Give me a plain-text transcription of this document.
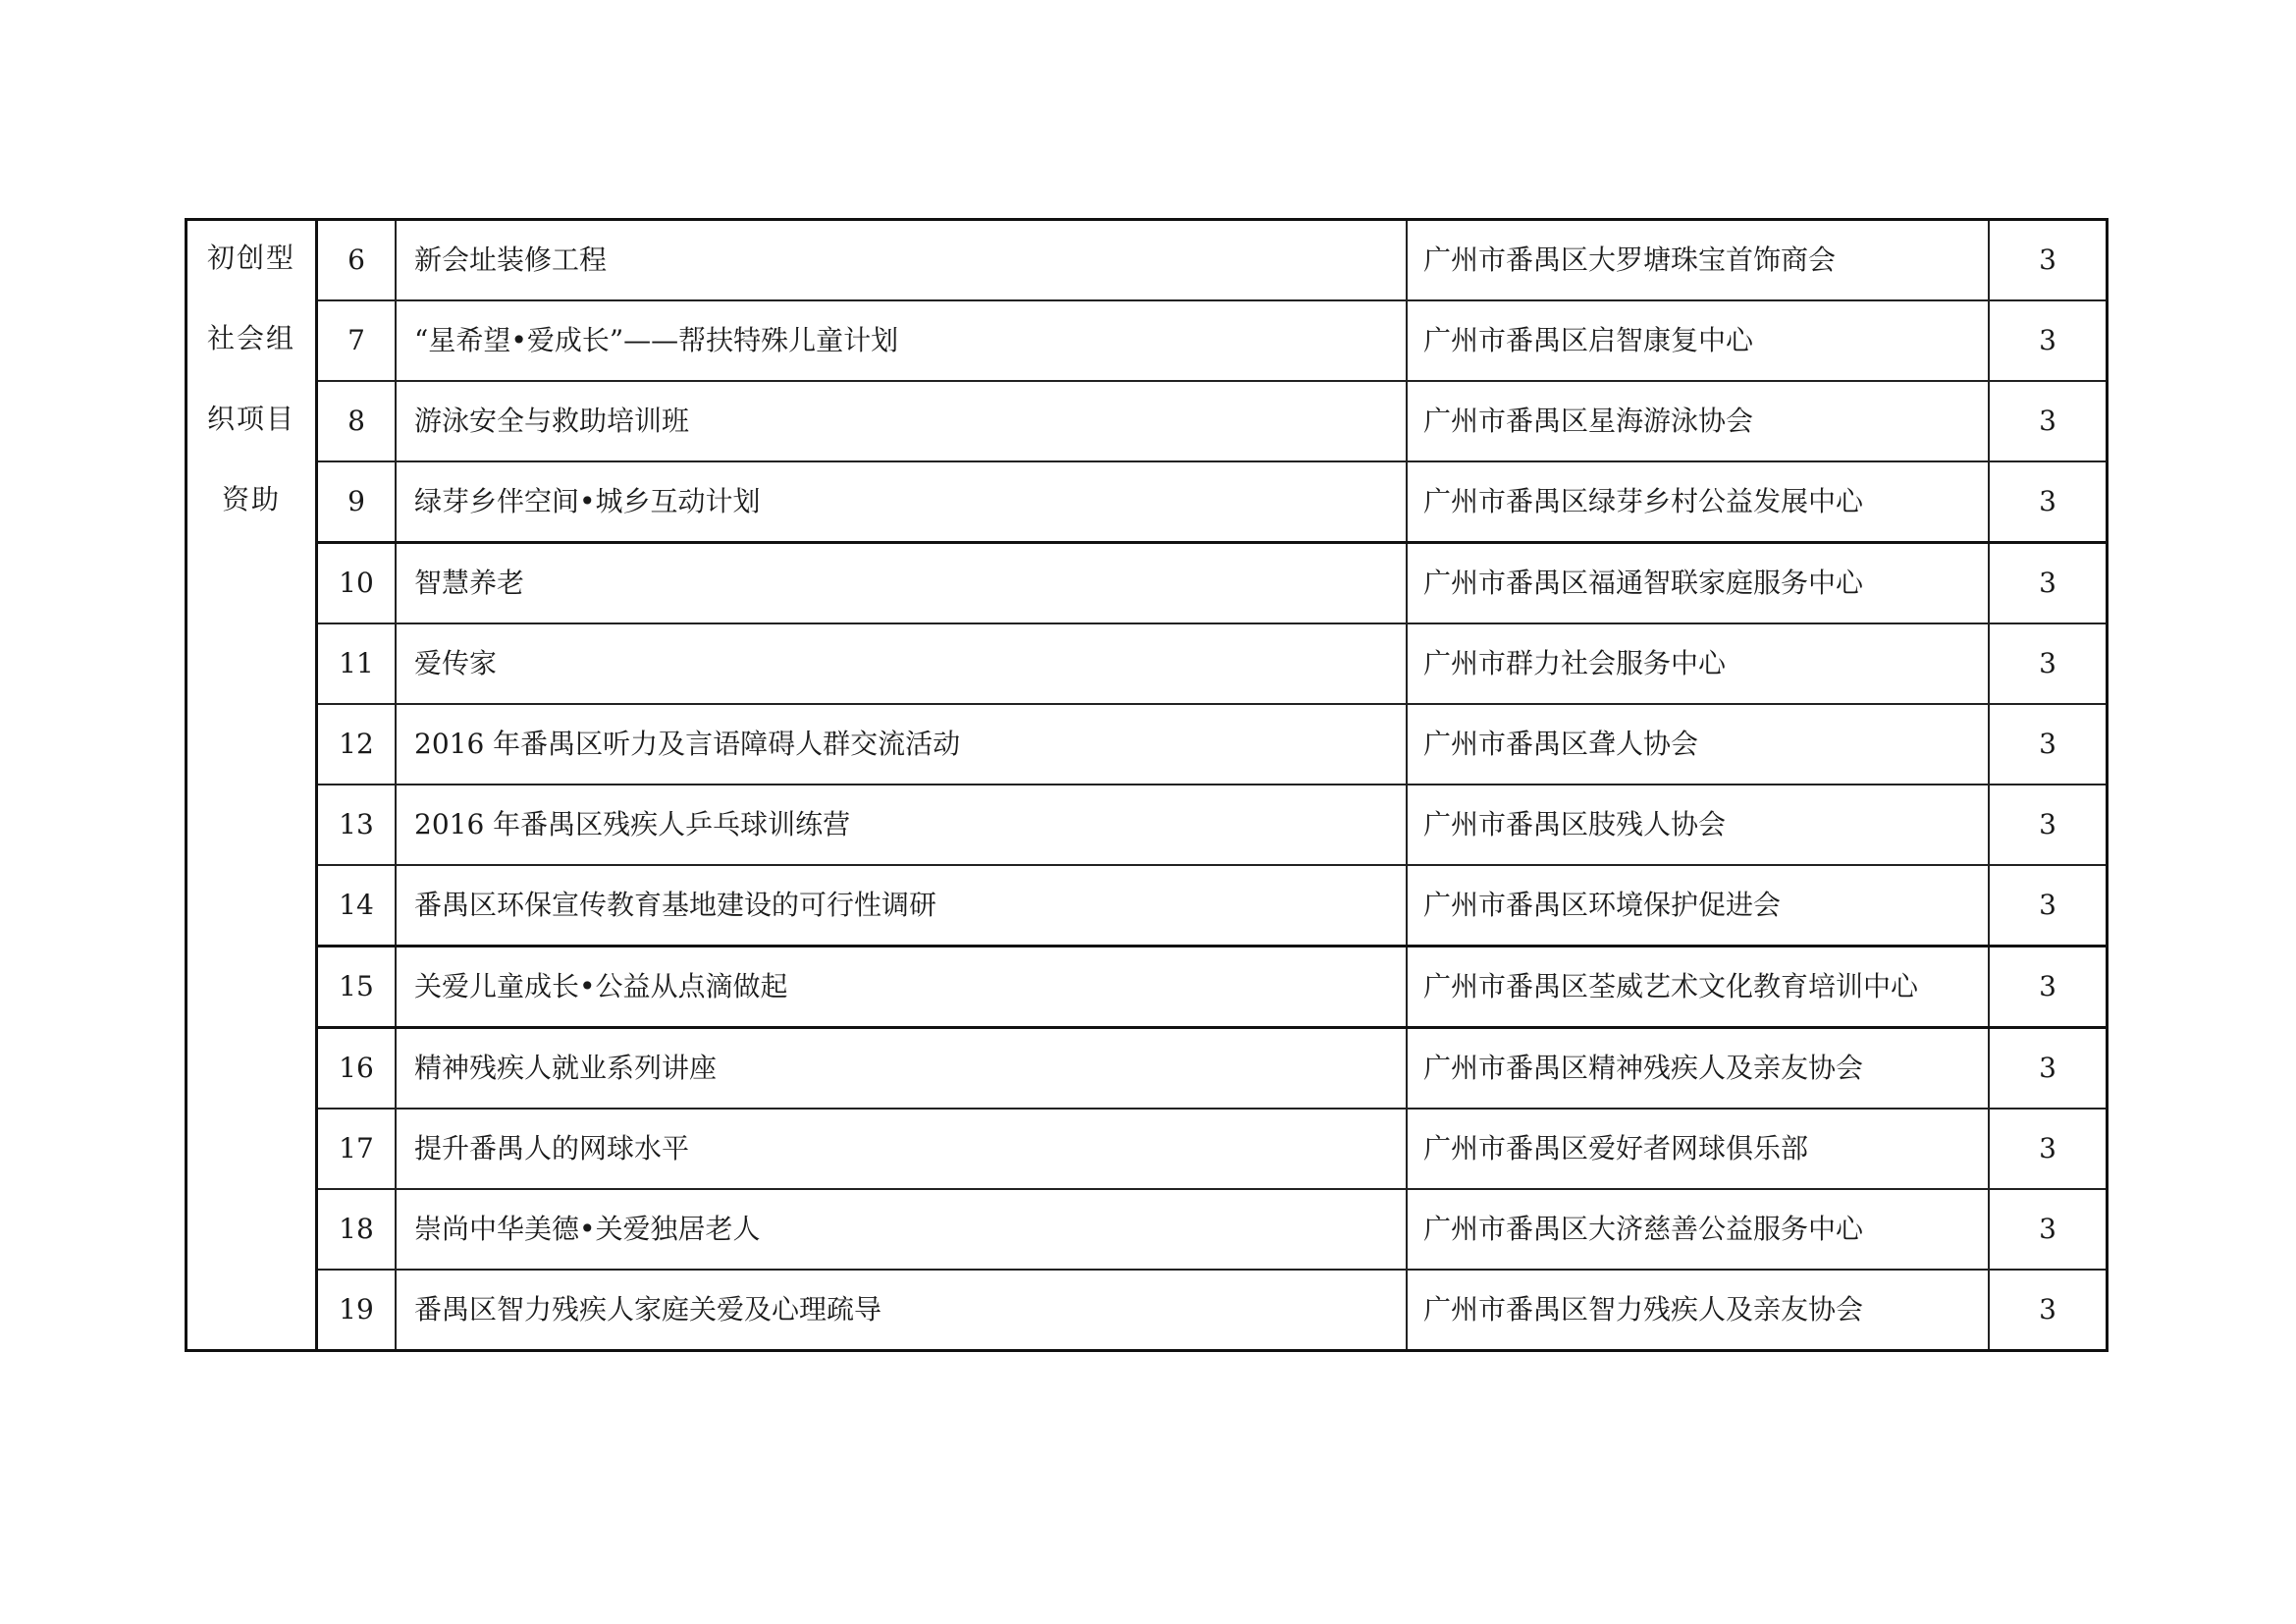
初创型
社会组
织项目
资助	6	新会址装修工程	广州市番禺区大罗塘珠宝首饰商会	3
	7	“星希望•爱成长”——帮扶特殊儿童计划	广州市番禺区启智康复中心	3
	8	游泳安全与救助培训班	广州市番禺区星海游泳协会	3
	9	绿芽乡伴空间•城乡互动计划	广州市番禺区绿芽乡村公益发展中心	3
	10	智慧养老	广州市番禺区福通智联家庭服务中心	3
	11	爱传家	广州市群力社会服务中心	3
	12	2016 年番禺区听力及言语障碍人群交流活动	广州市番禺区聋人协会	3
	13	2016 年番禺区残疾人乒乓球训练营	广州市番禺区肢残人协会	3
	14	番禺区环保宣传教育基地建设的可行性调研	广州市番禺区环境保护促进会	3
	15	关爱儿童成长•公益从点滴做起	广州市番禺区荃威艺术文化教育培训中心	3
	16	精神残疾人就业系列讲座	广州市番禺区精神残疾人及亲友协会	3
	17	提升番禺人的网球水平	广州市番禺区爱好者网球俱乐部	3
	18	崇尚中华美德•关爱独居老人	广州市番禺区大济慈善公益服务中心	3
	19	番禺区智力残疾人家庭关爱及心理疏导	广州市番禺区智力残疾人及亲友协会	3
